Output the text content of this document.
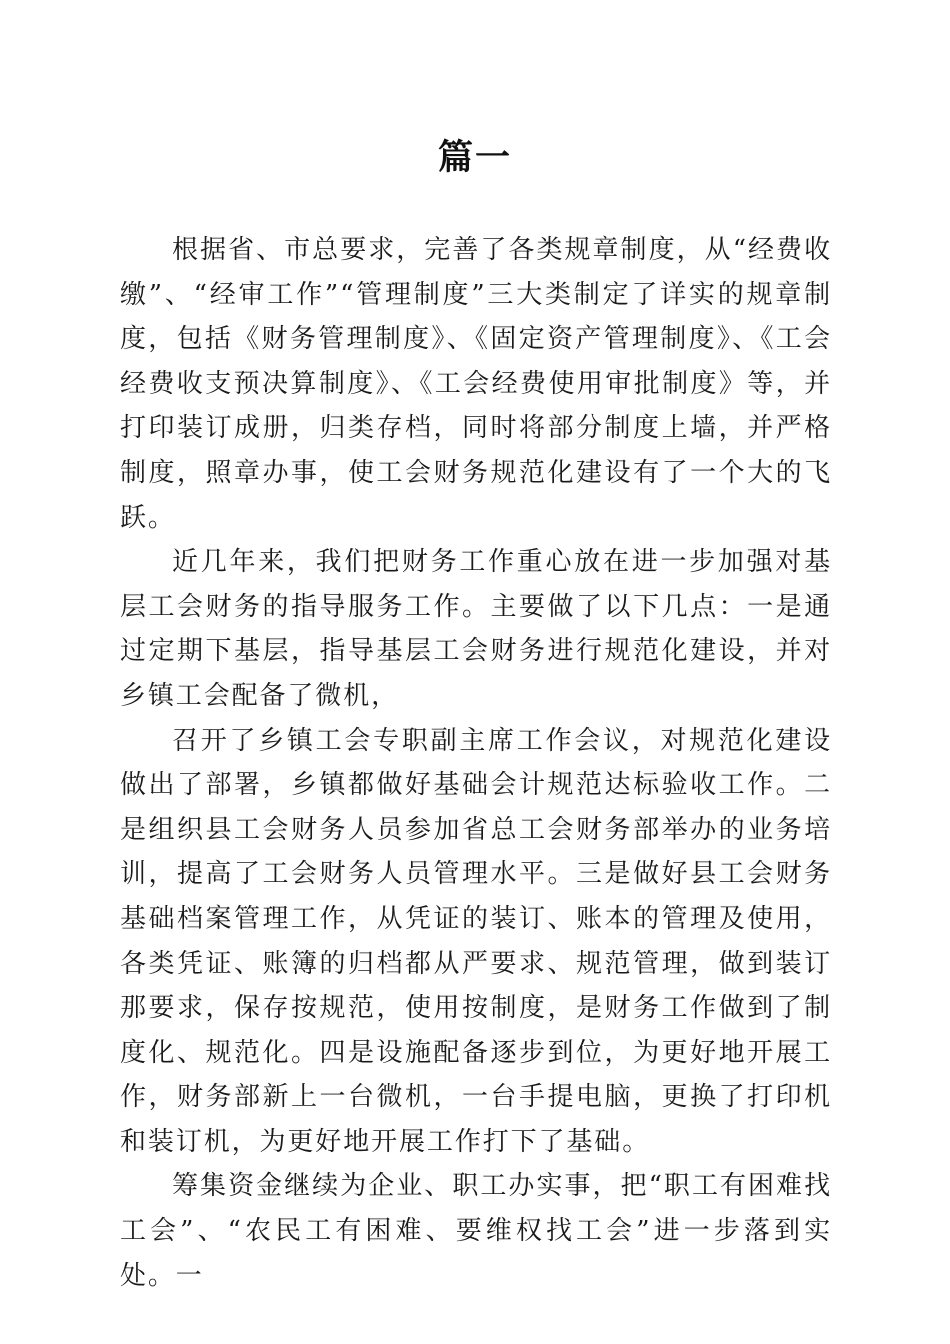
篇一

根据省、市总要求，完善了各类规章制度，从“经费收缴”、“经审工作”“管理制度”三大类制定了详实的规章制度，包括《财务管理制度》、《固定资产管理制度》、《工会经费收支预决算制度》、《工会经费使用审批制度》等，并打印装订成册，归类存档，同时将部分制度上墙，并严格制度，照章办事，使工会财务规范化建设有了一个大的飞跃。

近几年来，我们把财务工作重心放在进一步加强对基层工会财务的指导服务工作。主要做了以下几点：一是通过定期下基层，指导基层工会财务进行规范化建设，并对乡镇工会配备了微机，

召开了乡镇工会专职副主席工作会议，对规范化建设做出了部署，乡镇都做好基础会计规范达标验收工作。二是组织县工会财务人员参加省总工会财务部举办的业务培训，提高了工会财务人员管理水平。三是做好县工会财务基础档案管理工作，从凭证的装订、账本的管理及使用，各类凭证、账簿的归档都从严要求、规范管理，做到装订那要求，保存按规范，使用按制度，是财务工作做到了制度化、规范化。四是设施配备逐步到位，为更好地开展工作，财务部新上一台微机，一台手提电脑，更换了打印机和装订机，为更好地开展工作打下了基础。

筹集资金继续为企业、职工办实事，把“职工有困难找工会”、“农民工有困难、要维权找工会”进一步落到实处。一
